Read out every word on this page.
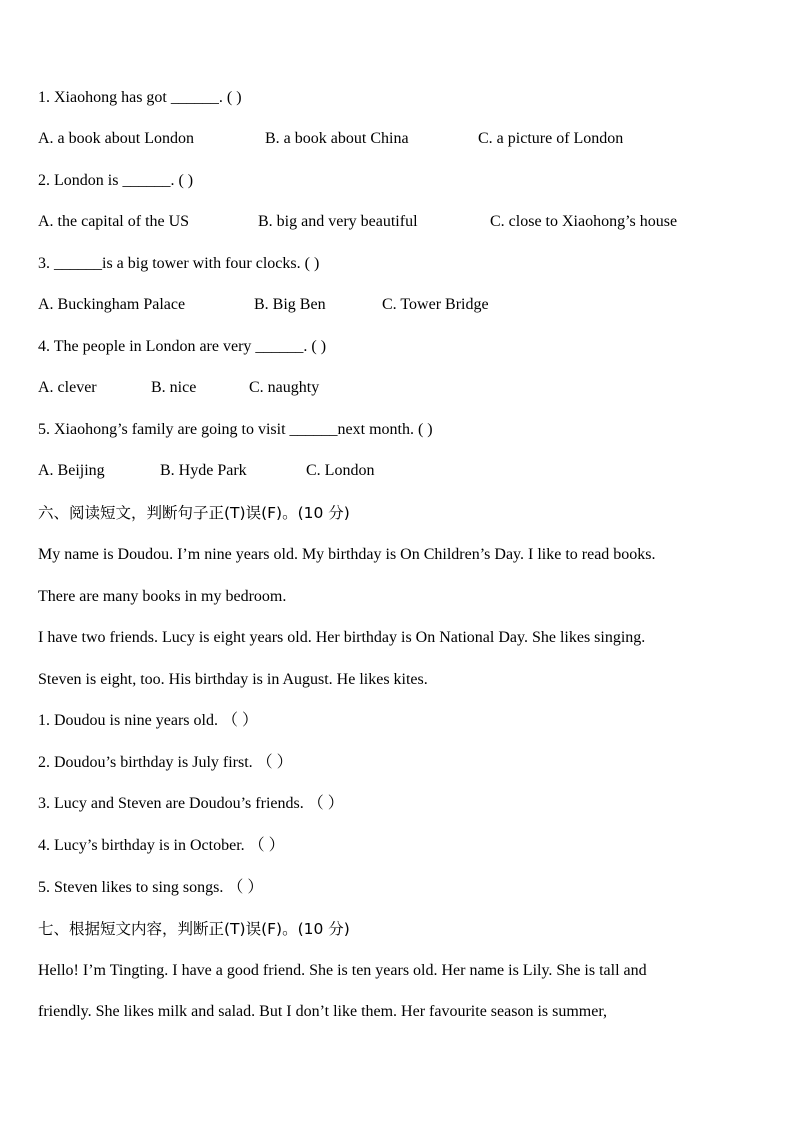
1. Xiaohong has got ______. ( )
A. a book about London	B. a book about China	C. a picture of London
2. London is ______. ( )
A. the capital of the US	B. big and very beautiful	C. close to Xiaohong’s house
3. ______is a big tower with four clocks. ( )
A. Buckingham Palace	B. Big Ben	C. Tower Bridge
4. The people in London are very ______. ( )
A. clever	B. nice	C. naughty
5. Xiaohong’s family are going to visit ______next month. ( )
A. Beijing	B. Hyde Park	C. London
六、阅读短文，判断句子正(T)误(F)。(10 分)
My name is Doudou. I’m nine years old. My birthday is On Children’s Day. I like to read books.
There are many books in my bedroom.
I have two friends. Lucy is eight years old. Her birthday is On National Day. She likes singing.
Steven is eight, too. His birthday is in August. He likes kites.
1. Doudou is nine years old. （ ）
2. Doudou’s birthday is July first. （ ）
3. Lucy and Steven are Doudou’s friends. （ ）
4. Lucy’s birthday is in October. （ ）
5. Steven likes to sing songs. （ ）
七、根据短文内容，判断正(T)误(F)。(10 分)
Hello! I’m Tingting. I have a good friend. She is ten years old. Her name is Lily. She is tall and
friendly. She likes milk and salad. But I don’t like them. Her favourite season is summer,
